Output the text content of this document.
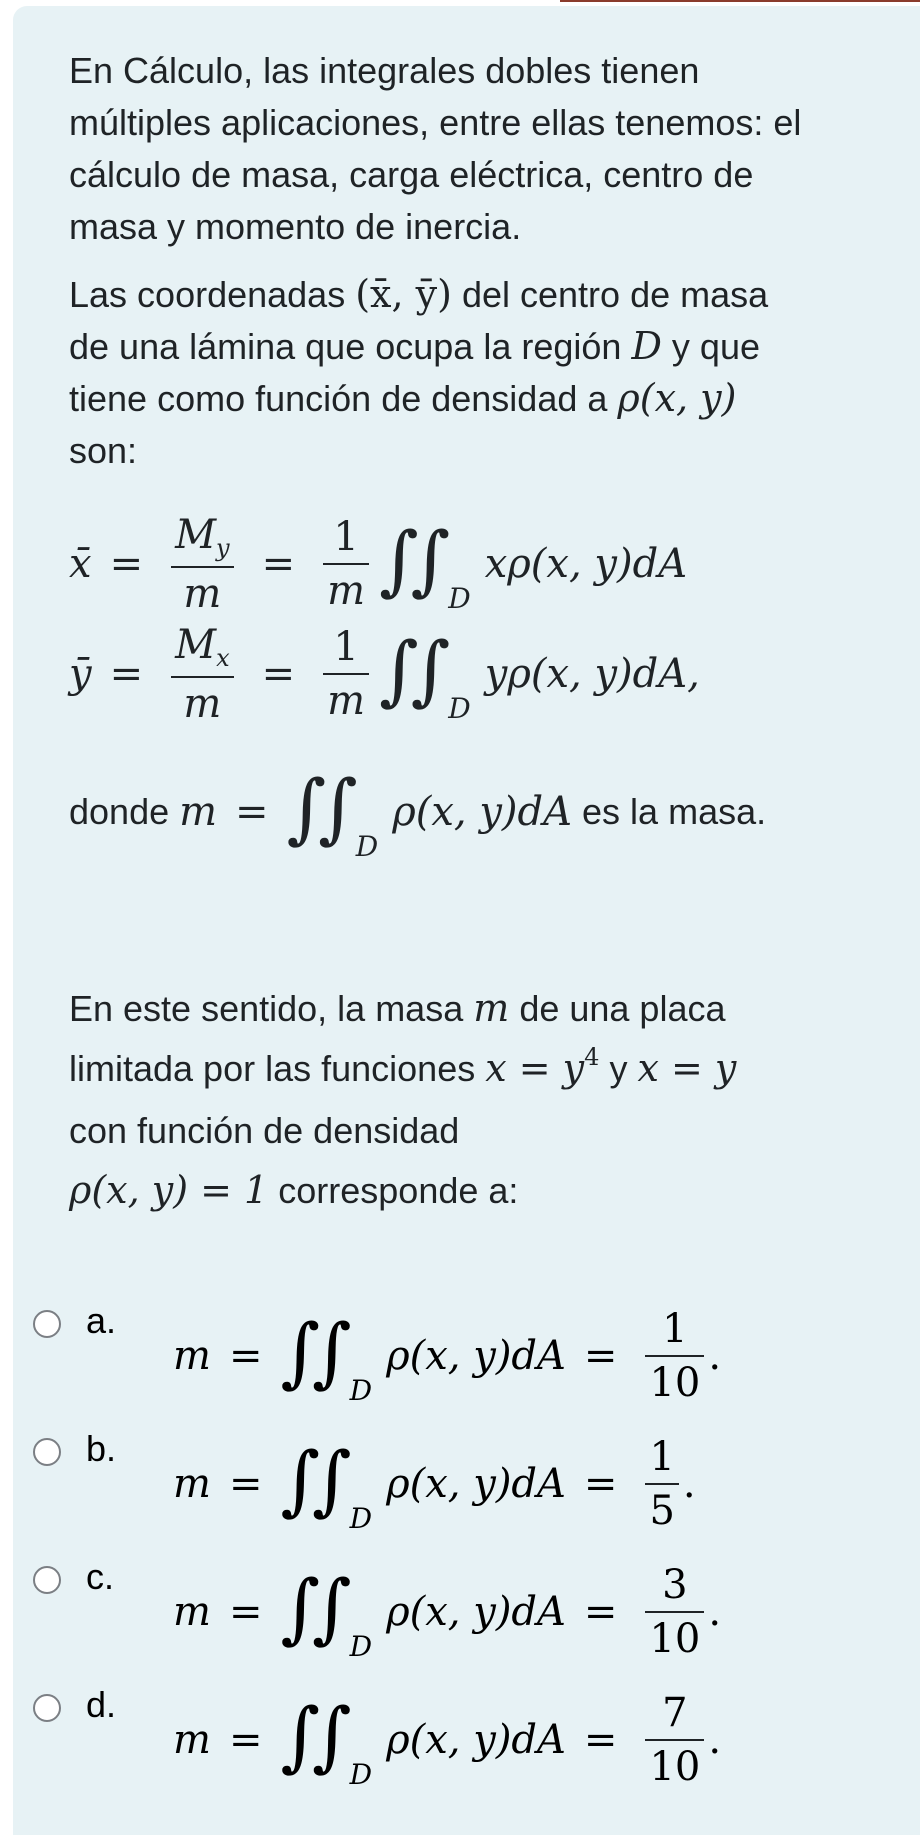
En Cálculo, las integrales dobles tienen
múltiples aplicaciones, entre ellas tenemos: el
cálculo de masa, carga eléctrica, centro de
masa y momento de inercia.
Las coordenadas (x̄, ȳ) del centro de masa
de una lámina que ocupa la región D y que
tiene como función de densidad a ρ(x, y)
son:
x̄ = $\frac{M_y}{m} = \frac{1}{m}$ ∫∫ D
xρ(x, y)dA
ȳ = $\frac{M_x}{m} = \frac{1}{m}$ ∫∫ D
yρ(x, y)dA,
donde m = ∫∫ D
ρ(x, y)dA es la masa.
En este sentido, la masa m de una placa
limitada por las funciones $x = y^4$ y x = y
con función de densidad
ρ(x, y) = 1 corresponde a:
a.
m = ∫∫ D
ρ(x, $y)dA = \frac{1}{10}$ .
b.
m = ∫∫ D
ρ(x, $y)dA = \frac{1}{5}$ .
c.
m = ∫∫ D
ρ(x, $y)dA = \frac{3}{10}$ .
d.
m = ∫∫ D
ρ(x, $y)dA = \frac{7}{10}$ .
